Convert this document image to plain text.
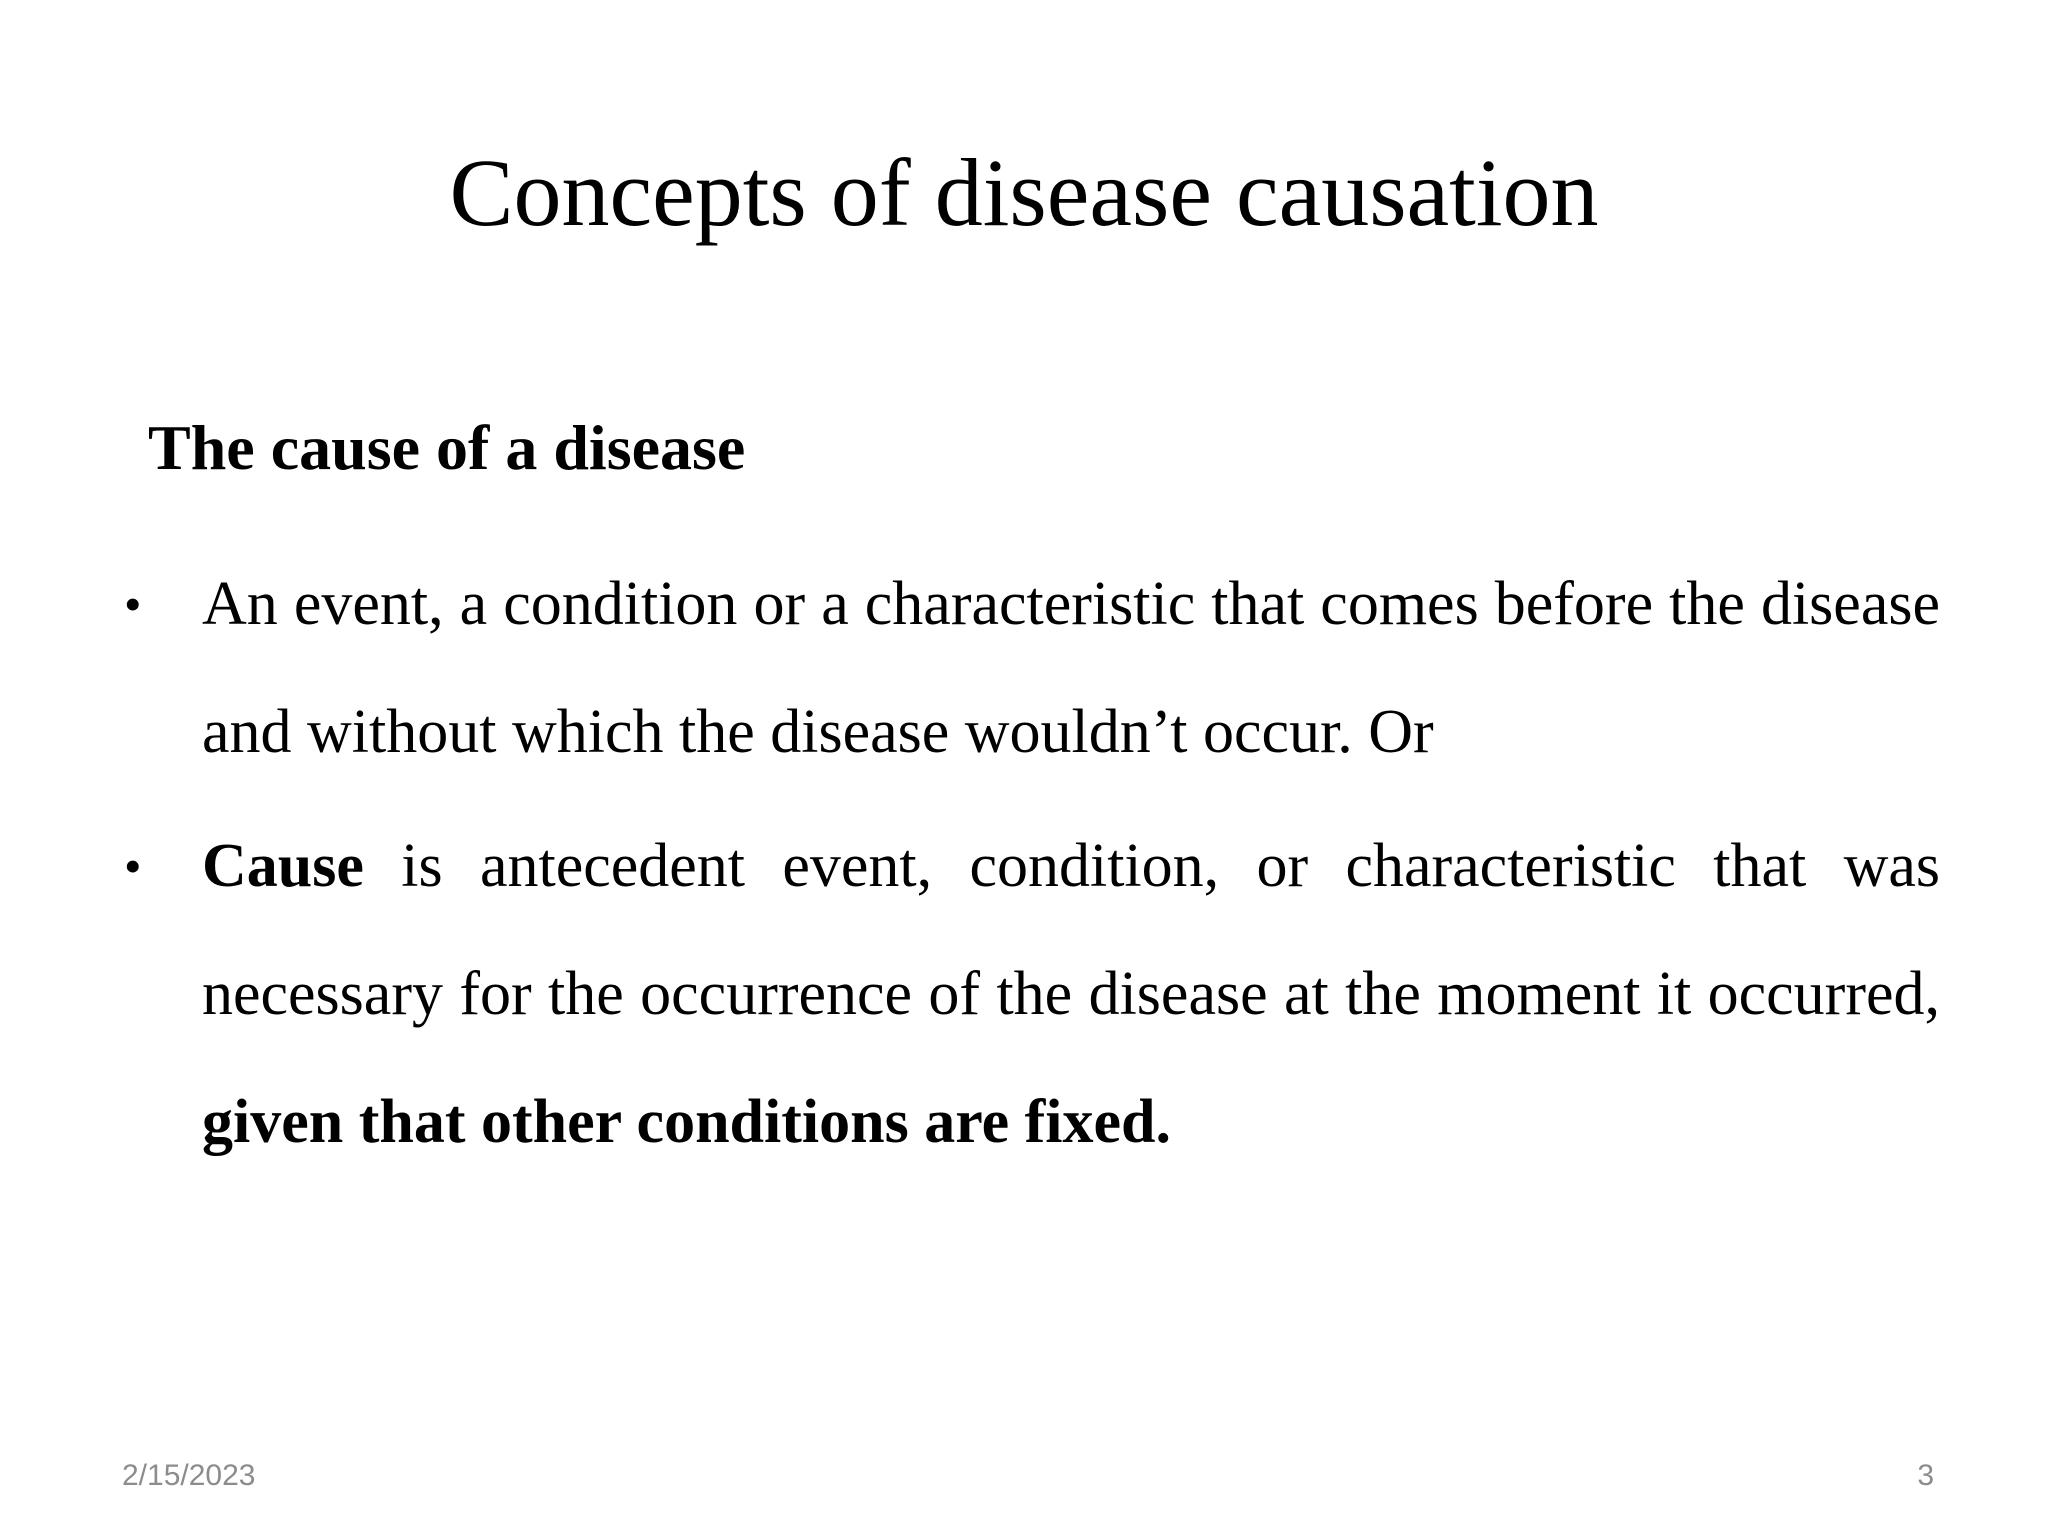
Concepts of disease causation

The cause of a disease

• An event, a condition or a characteristic that comes before the disease and without which the disease wouldn’t occur. Or
• Cause is antecedent event, condition, or characteristic that was necessary for the occurrence of the disease at the moment it occurred, given that other conditions are fixed.
2/15/2023	3
